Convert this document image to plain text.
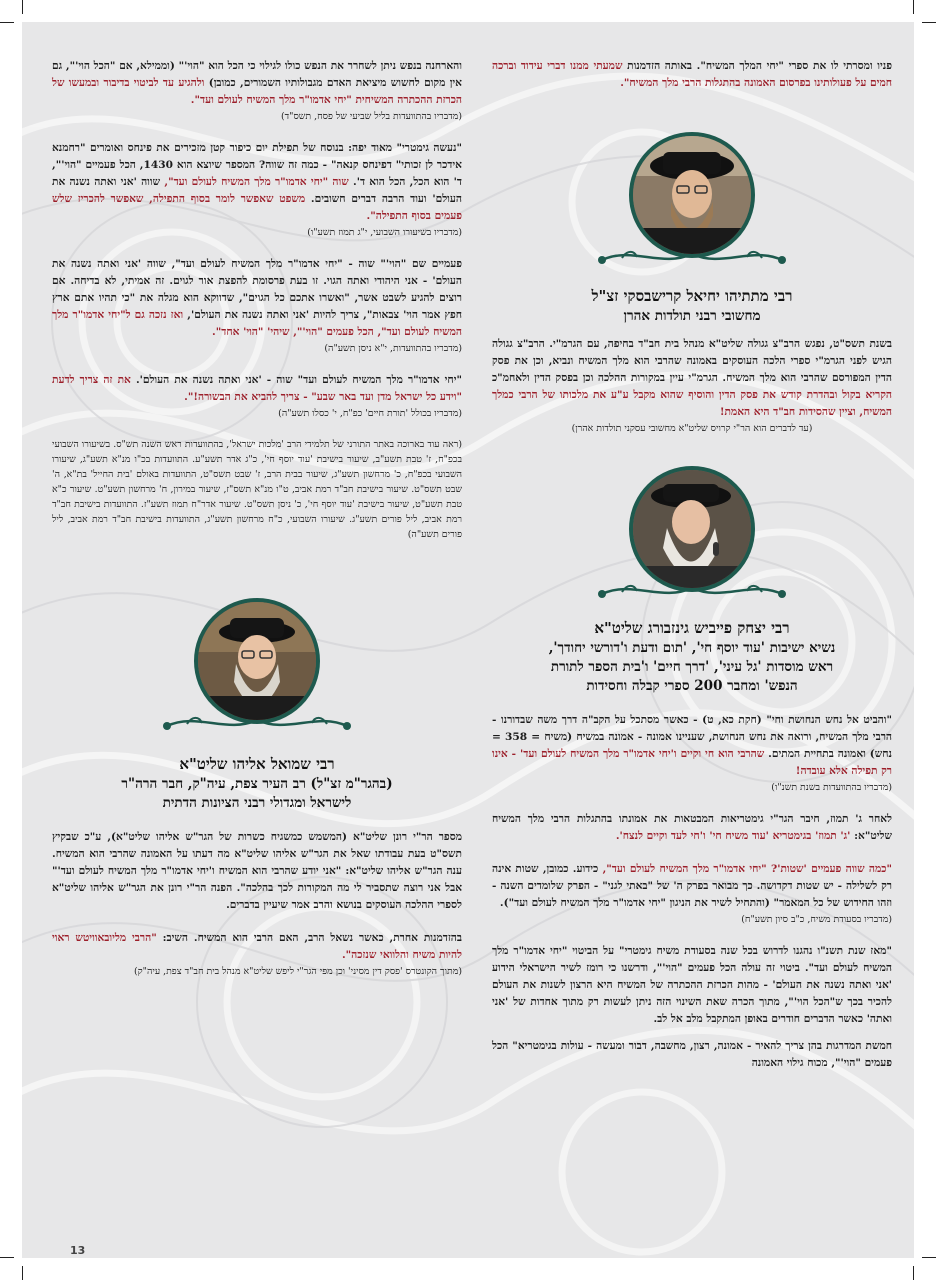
פניו ומסרתי לו את ספרי "יחי המלך המשיח". באותה הזדמנות שמעתי ממנו דברי עידוד וברכה חמים על פעולותינו בפרסום האמונה בהתגלות הרבי מלך המשיח".

רבי מתתיהו יחיאל קרישבסקי זצ"ל

מחשובי רבני תולדות אהרן

בשנת תשס"ט, נפגש הרב"צ גגולה שליט"א מנהל בית חב"ד בחיפה, עם הגרמ"י. הרב"צ גגולה הגיש לפני הגרמ"י ספרי הלכה העוסקים באמונה שהרבי הוא מלך המשיח ונביא, וכן את פסק הדין המפורסם שהרבי הוא מלך המשיח. הגרמ"י עיין במקורות ההלכה וכן בפסק הדין ולאחמ"כ הקריא בקול ובהדרת קודש את פסק הדין והוסיף שהוא מקבל ע"ע את מלכותו של הרבי כמלך המשיח, וציין שהסידות חב"ד היא האמת!

(עד לדברים הוא הר"י קרויס שליט"א מחשובי עסקני תולדות אהרן)

רבי יצחק פייביש גינזבורג שליט"א

נשיא ישיבות 'עוד יוסף חי', 'תום ודעת ו'דורשי יחודך',

ראש מוסדות 'גל עיני', 'דרך חיים' ו'בית הספר לתורת

הנפש' ומחבר 200 ספרי קבלה וחסידות

"והביט אל נחש הנחושת וחי" (חקת כא, ט) - כאשר מסתכל על הקב"ה דרך משה שבדורנו - הרבי מלך המשיח, ורואה את נחש הנחושת, שעניינו אמונה - אמונה במשיח (משיח = 358 = נחש) ואמונה בתחיית המתים. שהרבי הוא חי וקיים ו'יחי אדמו"ר מלך המשיח לעולם ועד' - אינו רק תפילה אלא עובדה!

(מדבריו בהתוועדות בשנת תשנ"ו)

לאחר ג' תמוז, חיבר הגר"י גימטריאות המבטאות את אמונתו בהתגלות הרבי מלך המשיח שליט"א: 'ג' תמוז' בגימטריא 'עוד משיח חי' ו'חי לעד וקיים לנצח'.

"כמה שווה פעמיים 'שטות'? "יחי אדמו"ר מלך המשיח לעולם ועד", כידוע. כמובן, שטות אינה רק לשלילה - יש שטות דקדושה. כך מבואר בפרק ה' של "באתי לגני" - הפרק שלומדים השנה - וזהו החידוש של כל המאמר" (והתחיל לשיר את הניגון "יחי אדמו"ר מלך המשיח לעולם ועד").

(מדבריו בסעודת משיח, כ"ב סיון תשע"ח)

"מאז שנת תשנ"ו נהגנו לדרוש בכל שנה בסעודת משיח גימטרי" על הביטוי "יחי אדמו"ר מלך המשיח לעולם ועד". ביטוי זה עולה הכל פעמים "הוי'", ודרשנו כי רומז לשיר הישראלי הידוע 'אני ואתה נשנה את העולם' - מהות הכרזת ההכתרה של המשיח היא הרצון לשנות את העולם להכיר בכך ש"הכל הוי'", מתוך הכרה שאת השינוי הזה ניתן לעשות רק מתוך אחדות של 'אני ואתה' כאשר הדברים חודרים באופן המתקבל מלב אל לב.

חמשת המדרגות בהן צריך להאיר - אמונה, רצון, מחשבה, דבור ומעשה - עולות בגימטריא" הכל פעמים "הוי'", מכוח גילוי האמונה

והארחנה בנפש ניתן לשחרר את הנפש כולו לגילוי כי הכל הוא "הוי'" (וממילא, אם "הכל הוי'", גם אין מקום לחשוש מיציאת האדם מגבולותיו השמורים, כמובן) ולהגיע עד לביטוי בדיבור ובמעשו של הכרזת ההכתרה המשיחית "יחי אדמו"ר מלך המשיח לעולם ועד".

(מדבריו בהתוועדות בליל שביעי של פסח, תשס"ד)

"נעשה גימטרי" מאוד יפה: בנוסח של תפילת יום כיפור קטן מזכירים את פינחס ואומרים "רחמנא אידכר לן זכותי" דפינחס קנאה" - כמה זה שווה? המספר שיוצא הוא 1430, הכל פעמיים "הוי'", ד' הוא הכל, הכל הוא ד'. שוה "יחי אדמו"ר מלך המשיח לעולם ועד", שווה 'אני ואתה נשנה את העולם' ועוד הרבה דברים חשובים. משפט שאפשר לומר בסוף התפילה, שאפשר להכריז שלש פעמים בסוף התפילה".

(מדבריו בשיעורו השבועי, י"ג תמוז תשע"ו)

פעמיים שם "הוי'" שוה - "יחי אדמו"ר מלך המשיח לעולם ועד", שווה 'אני ואתה נשנה את העולם' - אני היהודי ואתה הגוי. זו בעת פרסומת להפצת אור לגוים. זה אמיתי, לא בדיחה. אם רוצים להגיע לשבט אשר, "ואשרו אתכם כל הגוים", שדווקא הוא מגלה את "כי תהיו אתם ארץ חפץ אמר הוי' צבאות", צריך להיות 'אני ואתה נשנה את העולם', ואז נזכה גם ל"יחי אדמו"ר מלך המשיח לעולם ועד", הכל פעמים "הוי'", שיהי' "הוי' אחד".

(מדבריו בהתוועדות, י"א ניסן תשע"ה)

"יחי אדמו"ר מלך המשיח לעולם ועד" שוה - 'אני ואתה נשנה את העולם'. את זה צריך לדעת "וידע כל ישראל מדן ועד באר שבע" - צריך להביא את הבשורה!".

(מדבריו בכולל 'תורת חיים' כפ"ח, י' כסלו תשע"ה)

(ראה עוד בארוכה באתר התורני של תלמידי הרב 'מלכות ישראל', בהתוועדות ראש השנה תש"ס. בשיעורו השבועי בכפ"ח, ז' טבת תשע"ב, שיעור בישיבת 'עוד יוסף חי', כ"ג אדר תשע"ע. התוועדות בכ"ו מנ"א תשע"ג, שיעורו השבועי בכפ"ח, כ' מרחשון תשע"ג, שיעור בבית הרב, ז' שבט תשס"ט, התוועדות באולם 'בית החייל' בת"א, ה' שבט תשס"ט. שיעור בישיבת חב"ד רמת אביב, ט"ו מנ"א תשס"ז, שיעור במירון, ח' מרחשון תשע"ט. שיעור כ"א טבת תשע"ט, שיעור בישיבת 'עוד יוסף חי', כ' ניסן תשס"ט. שיעור אדר"ח תמוז תשע"ז. התוועדות בישיבת חב"ד רמת אביב, ליל פורים תשע"ג. שיעורו השבועי, כ"ח מרחשון תשע"ג, התוועדות בישיבת חב"ד רמת אביב, ליל פורים תשע"ה)

רבי שמואל אליהו שליט"א

(בהגר"מ זצ"ל) רב העיר צפת, עיה"ק, חבר הרה"ר

לישראל ומגדולי רבני הציונות הדתית

מספר הר"י רונן שליט"א (המשמש כמשגיח כשרות של הגר"ש אליהו שליט"א), ע"כ שבקיץ תשס"ט בעת עבודתו שאל את הגר"ש אליהו שליט"א מה דעתו על האמונה שהרבי הוא המשיח. ענה הגר"ש אליהו שליט"א: "אני יודע שהרבי הוא המשיח ו'יחי אדמו"ר מלך המשיח לעולם ועד'" אבל אני רוצה שתסביר לי מה המקורות לכך בהלכה". הפנה הר"י רונן את הגר"ש אליהו שליט"א לספרי ההלכה העוסקים בנושא והרב אמר שיעיין בדברים.

בהזדמנות אחרת, כאשר נשאל הרב, האם הרבי הוא המשיח. השיב: "הרבי מליובאוויטש ראוי להיות משיח והלוואי שנזכה".

(מתוך הקונטרס 'פסק דין מסיני' וכן מפי הגר"י ליפש שליט"א מנהל בית חב"ד צפת, עיה"ק)

13
